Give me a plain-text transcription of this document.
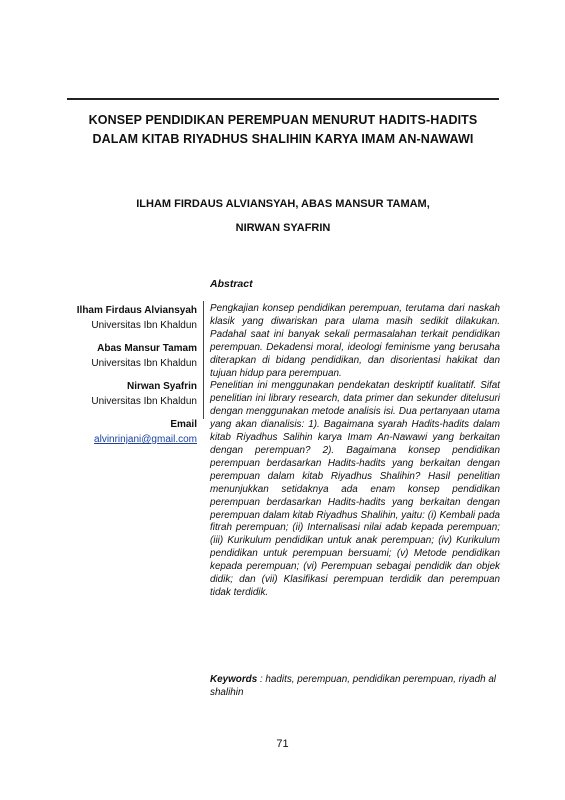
KONSEP PENDIDIKAN PEREMPUAN MENURUT HADITS-HADITS
DALAM KITAB RIYADHUS SHALIHIN KARYA IMAM AN-NAWAWI
ILHAM FIRDAUS ALVIANSYAH, ABAS MANSUR TAMAM,
NIRWAN SYAFRIN
Abstract
Ilham Firdaus Alviansyah
Universitas Ibn Khaldun
Abas Mansur Tamam
Universitas Ibn Khaldun
Nirwan Syafrin
Universitas Ibn Khaldun
Email
alvinrinjani@gmail.com

Pengkajian konsep pendidikan perempuan, terutama dari naskah klasik yang diwariskan para ulama masih sedikit dilakukan. Padahal saat ini banyak sekali permasalahan terkait pendidikan perempuan. Dekadensi moral, ideologi feminisme yang berusaha diterapkan di bidang pendidikan, dan disorientasi hakikat dan tujuan hidup para perempuan.

Penelitian ini menggunakan pendekatan deskriptif kualitatif. Sifat penelitian ini library research, data primer dan sekunder ditelusuri dengan menggunakan metode analisis isi. Dua pertanyaan utama yang akan dianalisis: 1). Bagaimana syarah Hadits-hadits dalam kitab Riyadhus Salihin karya Imam An-Nawawi yang berkaitan dengan perempuan? 2). Bagaimana konsep pendidikan perempuan berdasarkan Hadits-hadits yang berkaitan dengan perempuan dalam kitab Riyadhus Shalihin? Hasil penelitian menunjukkan setidaknya ada enam konsep pendidikan perempuan berdasarkan Hadits-hadits yang berkaitan dengan perempuan dalam kitab Riyadhus Shalihin, yaitu: (i) Kembali pada fitrah perempuan; (ii) Internalisasi nilai adab kepada perempuan; (iii) Kurikulum pendidikan untuk anak perempuan; (iv) Kurikulum pendidikan untuk perempuan bersuami; (v) Metode pendidikan kepada perempuan; (vi) Perempuan sebagai pendidik dan objek didik; dan (vii) Klasifikasi perempuan terdidik dan perempuan tidak terdidik.

Keywords : hadits, perempuan, pendidikan perempuan, riyadh al shalihin
71
